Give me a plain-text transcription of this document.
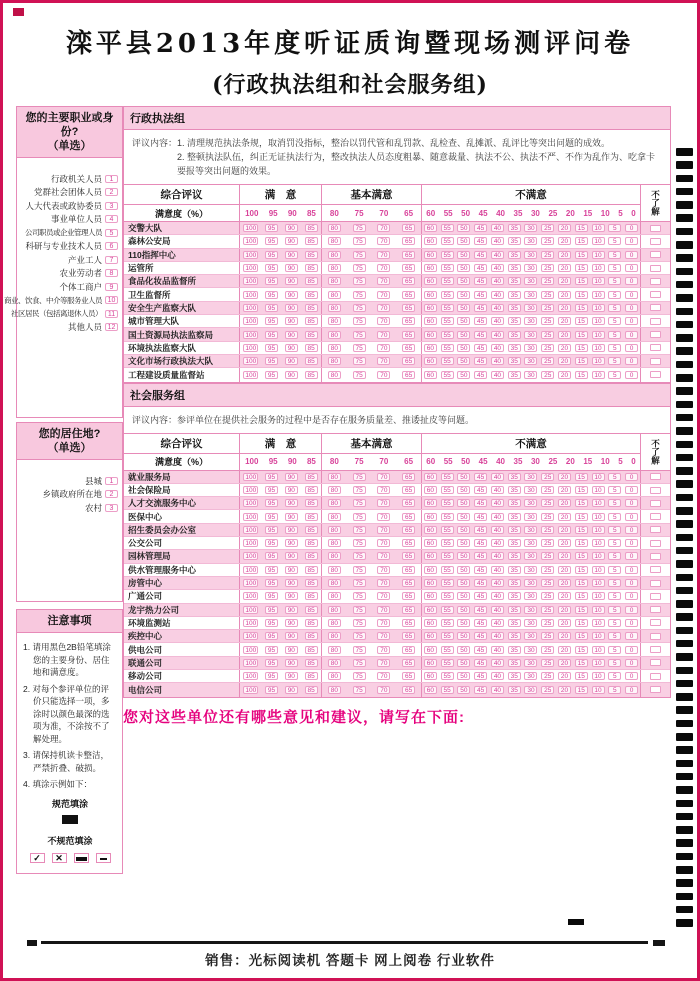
滦平县2013年度听证质询暨现场测评问卷
(行政执法组和社会服务组)
您的主要职业或身份?
（单选）
行政机关人员	1
党群社会团体人员	2
人大代表或政协委员	3
事业单位人员	4
公司职员或企业管理人员	5
科研与专业技术人员	6
产业工人	7
农业劳动者	8
个体工商户	9
商业、饮食、中介等服务业人员 10
社区居民（包括离退休人员） 11
其他人员 12
您的居住地?
（单选）
县城	1
乡镇政府所在地	2
农村	3
注意事项
1. 请用黑色2B铅笔填涂您的主要身份、居住地和满意度。
2. 对每个参评单位的评价只能选择一项，多涂时以颜色最深的选项为准，不涂按不了解处理。
3. 请保持机读卡整洁，严禁折叠、破损。
4. 填涂示例如下：
规范填涂
不规范填涂
✓	✕
行政执法组
评议内容： 1. 清理规范执法条规，取消罚没指标，整治以罚代管和乱罚款、乱检查、乱摊派、乱评比等突出问题的成效。
2. 整顿执法队伍，纠正无证执法行为，整改执法人员态度粗暴、随意裁量、执法不公、执法不严、不作为乱作为、吃拿卡要报等突出问题的效果。
综合评议
满意度（%）
满　意
100 95 90 85
基本满意
80 75 70 65
不满意
60 55 50 45 40 35 30 25 20 15 10 5 0 不了解
交警大队	100	95	90	85	80	75	70	65	60	55	50	45	40	35	30	25	20	15	10	5	0
森林公安局	100	95	90	85	80	75	70	65	60	55	50	45	40	35	30	25	20	15	10	5	0
110指挥中心	100	95	90	85	80	75	70	65	60	55	50	45	40	35	30	25	20	15	10	5	0
运管所	100	95	90	85	80	75	70	65	60	55	50	45	40	35	30	25	20	15	10	5	0
食品化妆品监督所	100	95	90	85	80	75	70	65	60	55	50	45	40	35	30	25	20	15	10	5	0
卫生监督所	100	95	90	85	80	75	70	65	60	55	50	45	40	35	30	25	20	15	10	5	0
安全生产监察大队	100	95	90	85	80	75	70	65	60	55	50	45	40	35	30	25	20	15	10	5	0
城市管理大队	100	95	90	85	80	75	70	65	60	55	50	45	40	35	30	25	20	15	10	5	0
国土资源局执法监察局	100	95	90	85	80	75	70	65	60	55	50	45	40	35	30	25	20	15	10	5	0
环境执法监察大队	100	95	90	85	80	75	70	65	60	55	50	45	40	35	30	25	20	15	10	5	0
文化市场行政执法大队	100	95	90	85	80	75	70	65	60	55	50	45	40	35	30	25	20	15	10	5	0
工程建设质量监督站	100	95	90	85	80	75	70	65	60	55	50	45	40	35	30	25	20	15	10	5	0
社会服务组
评议内容： 参评单位在提供社会服务的过程中是否存在服务质量差、推诿扯皮等问题。
综合评议
满意度（%）
满　意
100 95 90 85
基本满意
80 75 70 65
不满意
60 55 50 45 40 35 30 25 20 15 10 5 0 不了解
就业服务局	100	95	90	85	80	75	70	65	60	55	50	45	40	35	30	25	20	15	10	5	0
社会保险局	100	95	90	85	80	75	70	65	60	55	50	45	40	35	30	25	20	15	10	5	0
人才交流服务中心	100	95	90	85	80	75	70	65	60	55	50	45	40	35	30	25	20	15	10	5	0
医保中心	100	95	90	85	80	75	70	65	60	55	50	45	40	35	30	25	20	15	10	5	0
招生委员会办公室	100	95	90	85	80	75	70	65	60	55	50	45	40	35	30	25	20	15	10	5	0
公交公司	100	95	90	85	80	75	70	65	60	55	50	45	40	35	30	25	20	15	10	5	0
园林管理局	100	95	90	85	80	75	70	65	60	55	50	45	40	35	30	25	20	15	10	5	0
供水管理服务中心	100	95	90	85	80	75	70	65	60	55	50	45	40	35	30	25	20	15	10	5	0
房管中心	100	95	90	85	80	75	70	65	60	55	50	45	40	35	30	25	20	15	10	5	0
广通公司	100	95	90	85	80	75	70	65	60	55	50	45	40	35	30	25	20	15	10	5	0
龙宇热力公司	100	95	90	85	80	75	70	65	60	55	50	45	40	35	30	25	20	15	10	5	0
环境监测站	100	95	90	85	80	75	70	65	60	55	50	45	40	35	30	25	20	15	10	5	0
疾控中心	100	95	90	85	80	75	70	65	60	55	50	45	40	35	30	25	20	15	10	5	0
供电公司	100	95	90	85	80	75	70	65	60	55	50	45	40	35	30	25	20	15	10	5	0
联通公司	100	95	90	85	80	75	70	65	60	55	50	45	40	35	30	25	20	15	10	5	0
移动公司	100	95	90	85	80	75	70	65	60	55	50	45	40	35	30	25	20	15	10	5	0
电信公司	100	95	90	85	80	75	70	65	60	55	50	45	40	35	30	25	20	15	10	5	0
您对这些单位还有哪些意见和建议，请写在下面:
销售：光标阅读机 答题卡 网上阅卷 行业软件
